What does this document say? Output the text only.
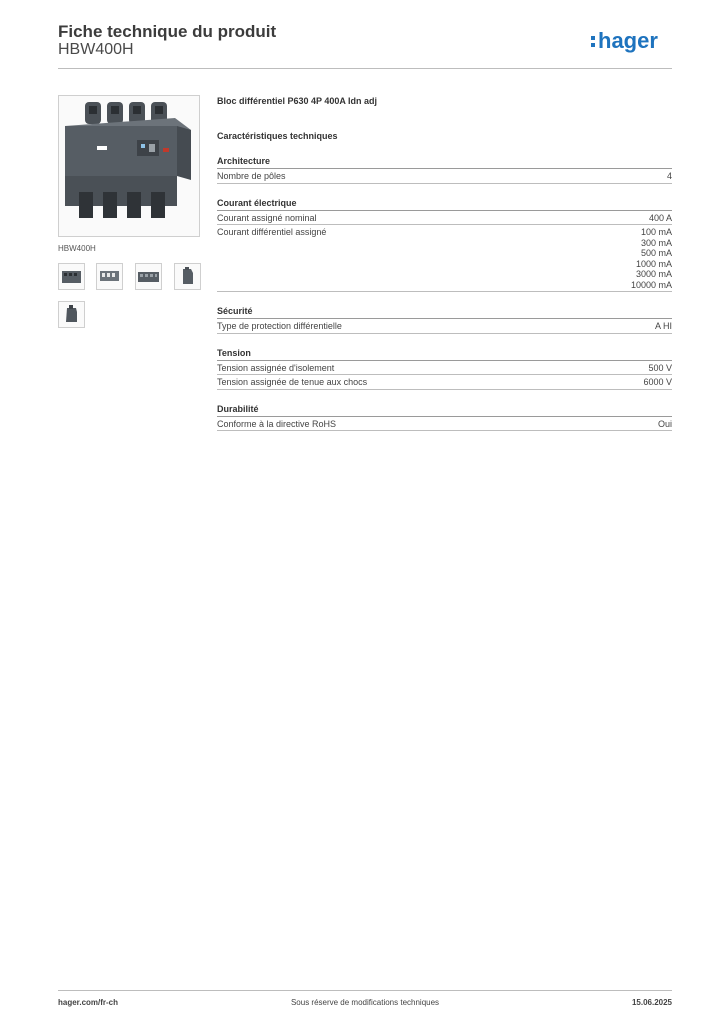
Fiche technique du produit
HBW400H	hager
HBW400H
Bloc différentiel P630 4P 400A Idn adj
Caractéristiques techniques
Architecture
Nombre de pôles	4
Courant électrique
Courant assigné nominal	400 A
Courant différentiel assigné	100 mA
300 mA
500 mA
1000 mA
3000 mA
10000 mA
Sécurité
Type de protection différentielle	A HI
Tension
Tension assignée d'isolement	500 V
Tension assignée de tenue aux chocs	6000 V
Durabilité
Conforme à la directive RoHS	Oui
hager.com/fr-ch	Sous réserve de modifications techniques	15.06.2025
